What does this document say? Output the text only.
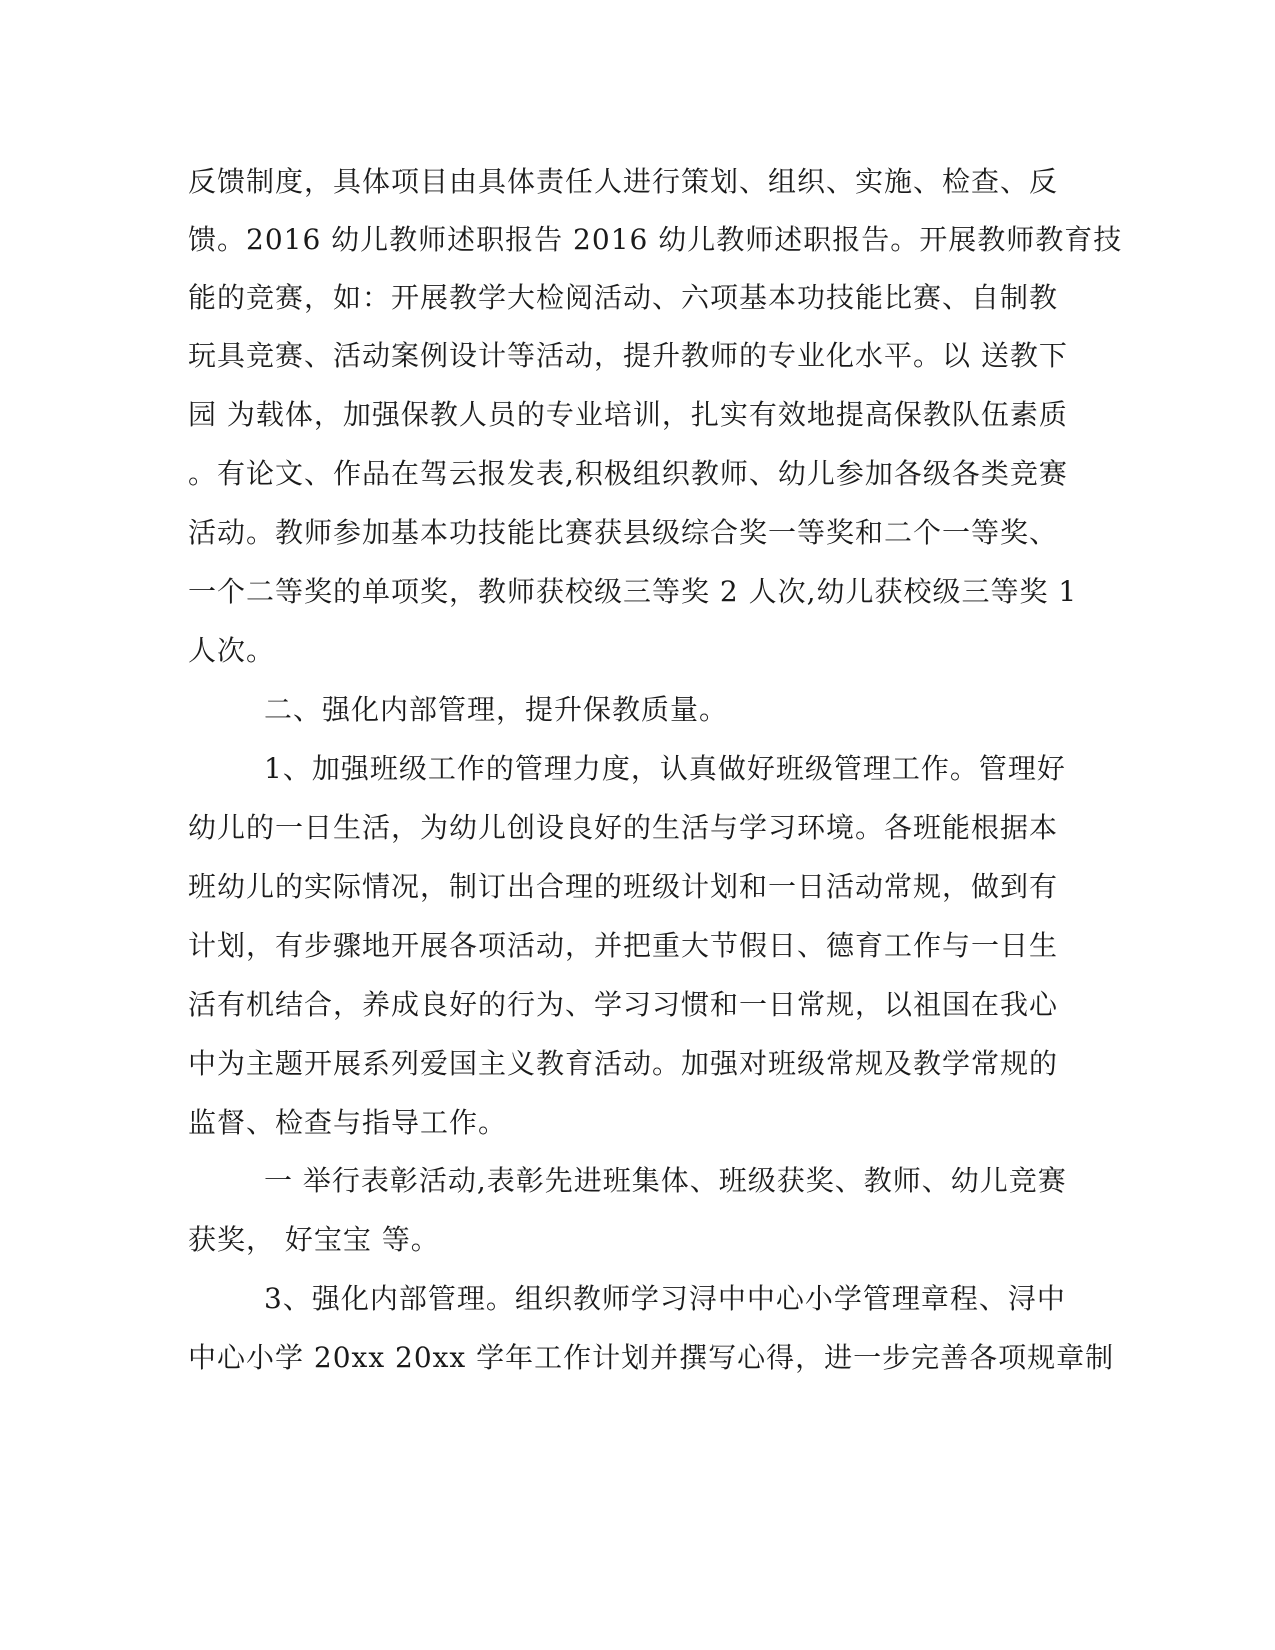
反馈制度，具体项目由具体责任人进行策划、组织、实施、检查、反
馈。2016 幼儿教师述职报告 2016 幼儿教师述职报告。开展教师教育技
能的竞赛，如：开展教学大检阅活动、六项基本功技能比赛、自制教
玩具竞赛、活动案例设计等活动，提升教师的专业化水平。以 送教下
园 为载体，加强保教人员的专业培训，扎实有效地提高保教队伍素质
。有论文、作品在驾云报发表,积极组织教师、幼儿参加各级各类竞赛
活动。教师参加基本功技能比赛获县级综合奖一等奖和二个一等奖、
一个二等奖的单项奖，教师获校级三等奖 2 人次,幼儿获校级三等奖 1
人次。
二、强化内部管理，提升保教质量。
1、加强班级工作的管理力度，认真做好班级管理工作。管理好
幼儿的一日生活，为幼儿创设良好的生活与学习环境。各班能根据本
班幼儿的实际情况，制订出合理的班级计划和一日活动常规，做到有
计划，有步骤地开展各项活动，并把重大节假日、德育工作与一日生
活有机结合，养成良好的行为、学习习惯和一日常规，以祖国在我心
中为主题开展系列爱国主义教育活动。加强对班级常规及教学常规的
监督、检查与指导工作。
一 举行表彰活动,表彰先进班集体、班级获奖、教师、幼儿竞赛
获奖， 好宝宝 等。
3、强化内部管理。组织教师学习浔中中心小学管理章程、浔中
中心小学 20xx 20xx 学年工作计划并撰写心得，进一步完善各项规章制
